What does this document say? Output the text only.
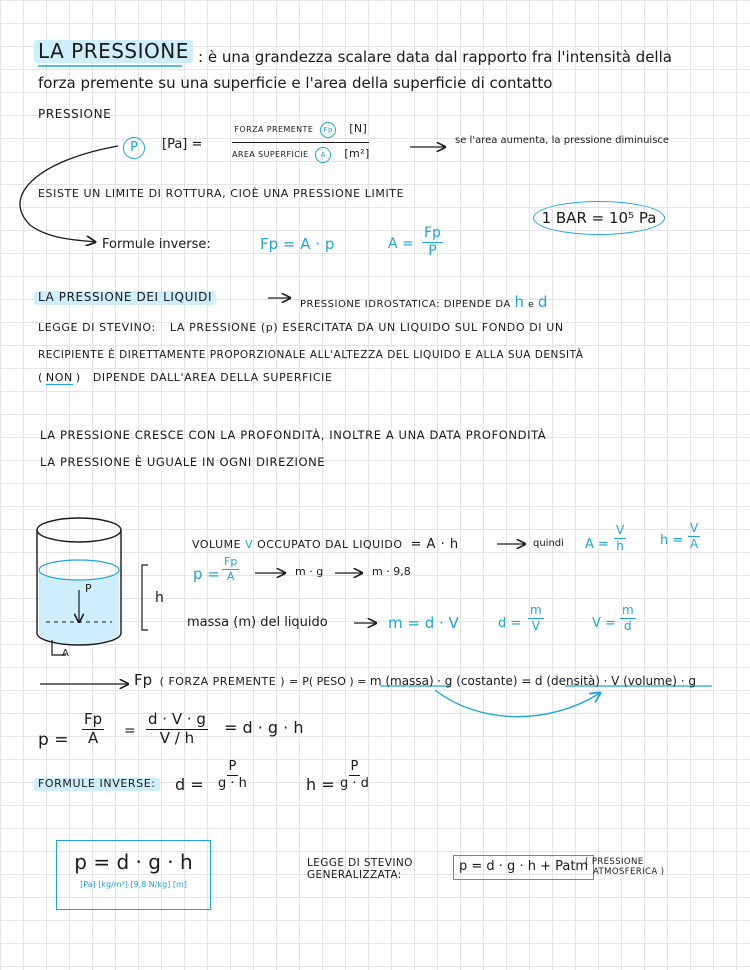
LA PRESSIONE : è una grandezza scalare data dal rapporto fra l'intensità della
forza premente su una superficie e l'area della superficie di contatto
PRESSIONE
P	[Pa] =
FORZA PREMENTE Fp [N]
AREA SUPERFICIE A [m²]
se l'area aumenta, la pressione diminuisce
ESISTE UN LIMITE DI ROTTURA, CIOÈ UNA PRESSIONE LIMITE
1 BAR = 10⁵ Pa
Formule inverse:	Fp = A · p	$A = \frac{Fp}{P}$
LA PRESSIONE DEI LIQUIDI
PRESSIONE IDROSTATICA: DIPENDE DA h e d
LEGGE DI STEVINO: LA PRESSIONE (p) ESERCITATA DA UN LIQUIDO SUL FONDO DI UN
RECIPIENTE È DIRETTAMENTE PROPORZIONALE ALL'ALTEZZA DEL LIQUIDO E ALLA SUA DENSITÀ
( NON ) DIPENDE DALL'AREA DELLA SUPERFICIE
LA PRESSIONE CRESCE CON LA PROFONDITÀ, INOLTRE A UNA DATA PROFONDITÀ
LA PRESSIONE È UGUALE IN OGNI DIREZIONE
P
h
A
VOLUME V OCCUPATO DAL LIQUIDO = A · h	quindi $A = \frac{V}{h}$	$h = \frac{V}{A}$
$p = \frac{Fp}{A}$	m · g	m · 9,8
massa (m) del liquido	m = d · V	$d = \frac{m}{V}$	$V = \frac{m}{d}$
Fp ( FORZA PREMENTE ) = P( PESO ) = m (massa) · g (costante) = d (densità) · V (volume) · g
$p = \frac{Fp}{A} = \frac{d \cdot V \cdot g}{V / h} = d \cdot g \cdot h$
FORMULE INVERSE: $d = \frac{P}{g \cdot h}$	$h = \frac{P}{g \cdot d}$
p = d · g · h
[Pa] [kg/m³] [9,8 N/kg] [m]
LEGGE DI STEVINO
GENERALIZZATA:
p = d · g · h + Patm
( PRESSIONE
ATMOSFERICA )
